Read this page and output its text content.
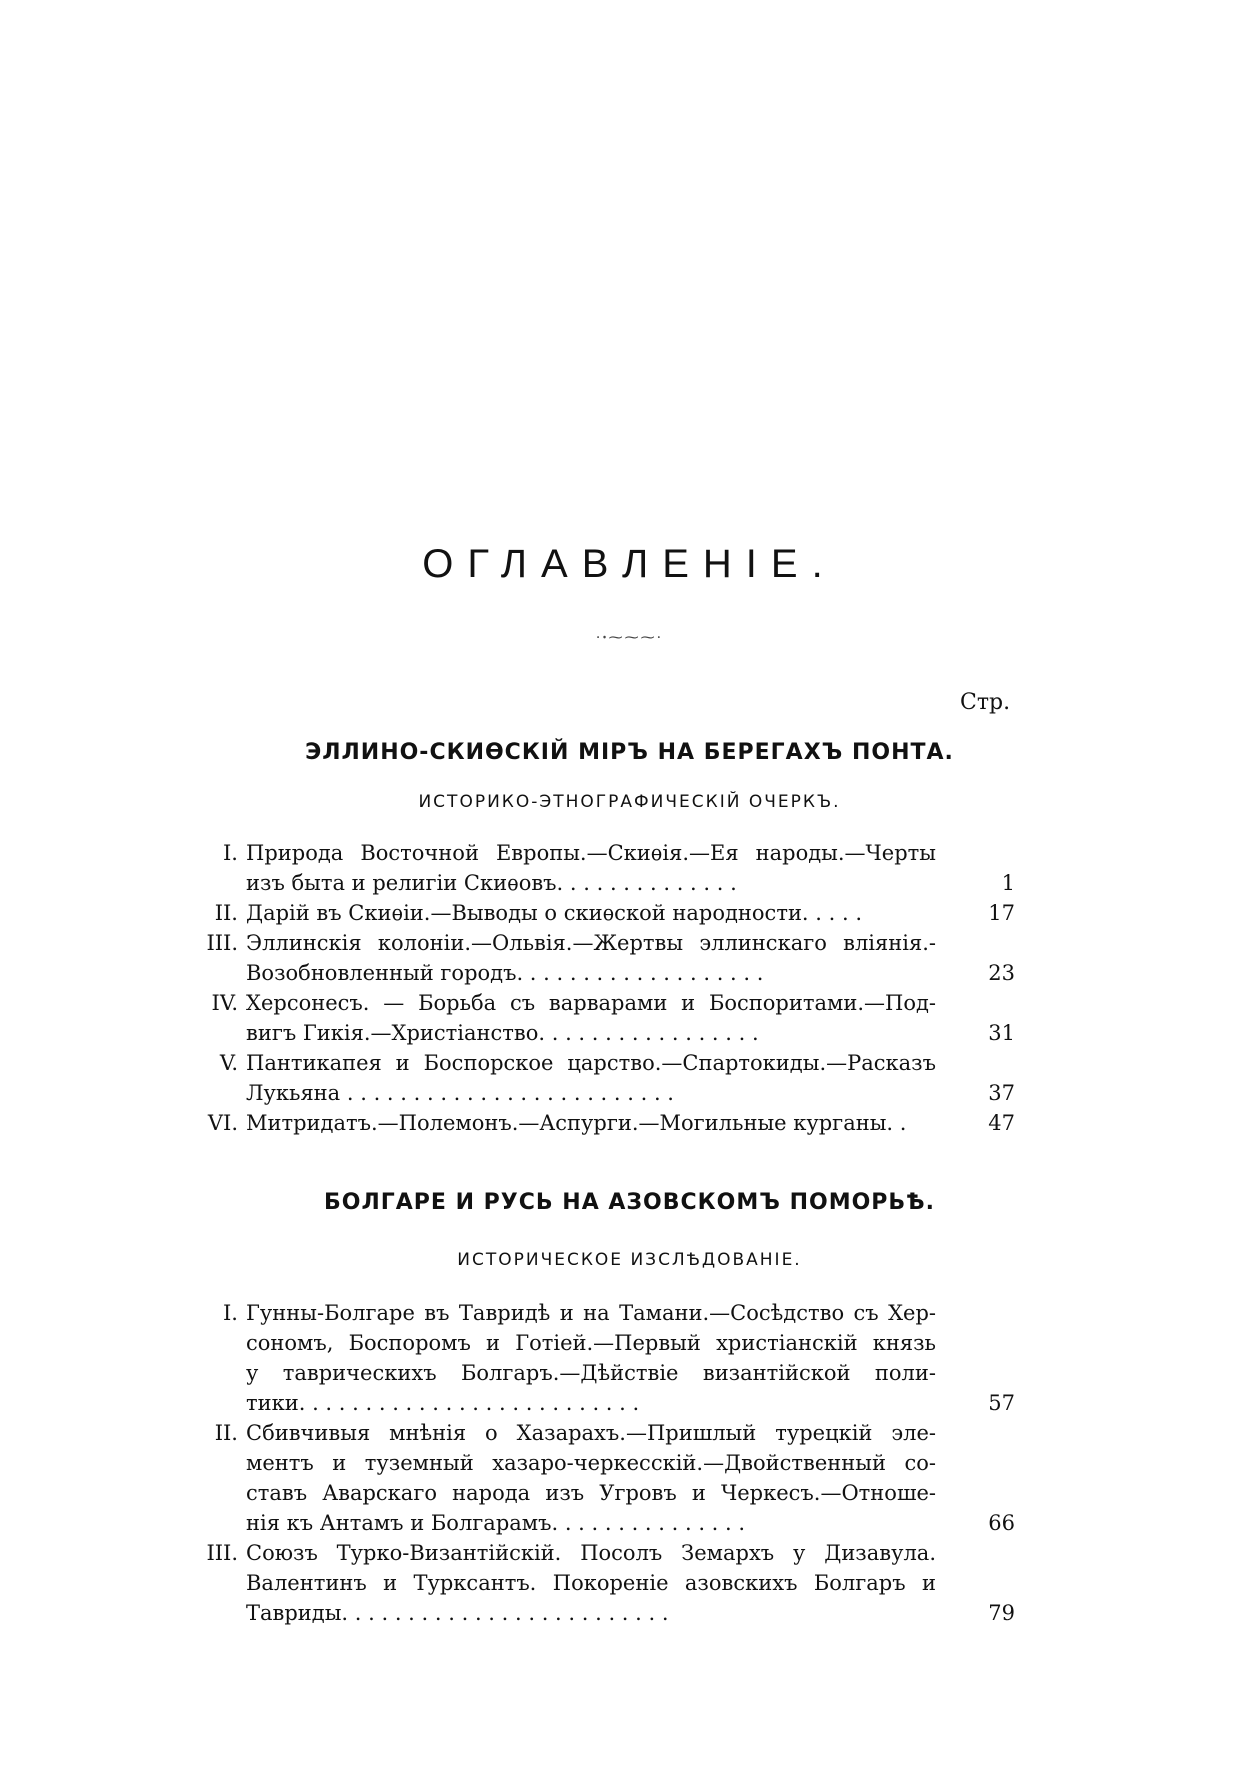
ОГЛАВЛЕНІЕ.
·ꞏ⁓⁓⁓·
Стр.
ЭЛЛИНО-СКИѲСКІЙ МІРЪ НА БЕРЕГАХЪ ПОНТА.
ИСТОРИКО-ЭТНОГРАФИЧЕСКІЙ ОЧЕРКЪ.
I. Природа Восточной Европы.—Скиѳія.—Ея народы.—Черты
изъ быта и религіи Скиѳовъ. . . . . . . . . . . . . .	1
II. Дарій въ Скиѳіи.—Выводы о скиѳской народности. . . . .	17
III. Эллинскія колоніи.—Ольвія.—Жертвы эллинскаго вліянія.-
Возобновленный городъ. . . . . . . . . . . . . . . . . . .	23
IV. Херсонесъ. — Борьба съ варварами и Боспоритами.—Под-
вигъ Гикія.—Христіанство. . . . . . . . . . . . . . . . .	31
V. Пантикапея и Боспорское царство.—Спартокиды.—Расказъ
Лукьяна . . . . . . . . . . . . . . . . . . . . . . . . .	37
VI. Митридатъ.—Полемонъ.—Аспурги.—Могильные курганы. .	47
БОЛГАРЕ И РУСЬ НА АЗОВСКОМЪ ПОМОРЬѢ.
ИСТОРИЧЕСКОЕ ИЗСЛѢДОВАНІЕ.
I. Гунны-Болгаре въ Тавридѣ и на Тамани.—Сосѣдство съ Хер-
сономъ, Боспоромъ и Готіей.—Первый христіанскій князь
у таврическихъ Болгаръ.—Дѣйствіе византійской поли-
тики. . . . . . . . . . . . . . . . . . . . . . . . . .	57
II. Сбивчивыя мнѣнія о Хазарахъ.—Пришлый турецкій эле-
ментъ и туземный хазаро-черкесскій.—Двойственный со-
ставъ Аварскаго народа изъ Угровъ и Черкесъ.—Отноше-
нія къ Антамъ и Болгарамъ. . . . . . . . . . . . . . .	66
III. Союзъ Турко-Византійскій. Посолъ Земархъ у Дизавула.
Валентинъ и Турксантъ. Покореніе азовскихъ Болгаръ и
Тавриды. . . . . . . . . . . . . . . . . . . . . . . . .	79
